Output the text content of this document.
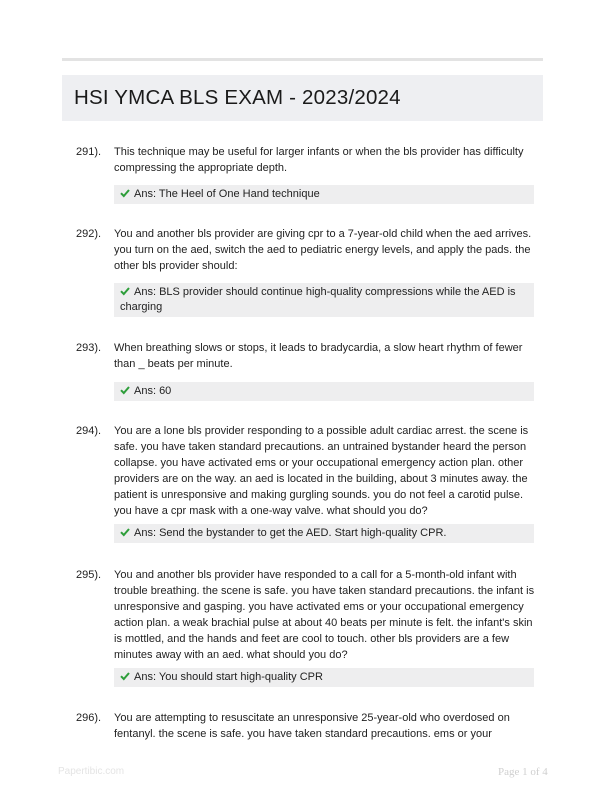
HSI YMCA BLS EXAM - 2023/2024
291). This technique may be useful for larger infants or when the bls provider has difficulty compressing the appropriate depth.
Ans: The Heel of One Hand technique
292). You and another bls provider are giving cpr to a 7-year-old child when the aed arrives. you turn on the aed, switch the aed to pediatric energy levels, and apply the pads. the other bls provider should:
Ans: BLS provider should continue high-quality compressions while the AED is charging
293). When breathing slows or stops, it leads to bradycardia, a slow heart rhythm of fewer than _ beats per minute.
Ans: 60
294). You are a lone bls provider responding to a possible adult cardiac arrest. the scene is safe. you have taken standard precautions. an untrained bystander heard the person collapse. you have activated ems or your occupational emergency action plan. other providers are on the way. an aed is located in the building, about 3 minutes away. the patient is unresponsive and making gurgling sounds. you do not feel a carotid pulse. you have a cpr mask with a one-way valve. what should you do?
Ans: Send the bystander to get the AED. Start high-quality CPR.
295). You and another bls provider have responded to a call for a 5-month-old infant with trouble breathing. the scene is safe. you have taken standard precautions. the infant is unresponsive and gasping. you have activated ems or your occupational emergency action plan. a weak brachial pulse at about 40 beats per minute is felt. the infant's skin is mottled, and the hands and feet are cool to touch. other bls providers are a few minutes away with an aed. what should you do?
Ans: You should start high-quality CPR
296). You are attempting to resuscitate an unresponsive 25-year-old who overdosed on fentanyl. the scene is safe. you have taken standard precautions. ems or your
Papertibic.com	Page 1 of 4
